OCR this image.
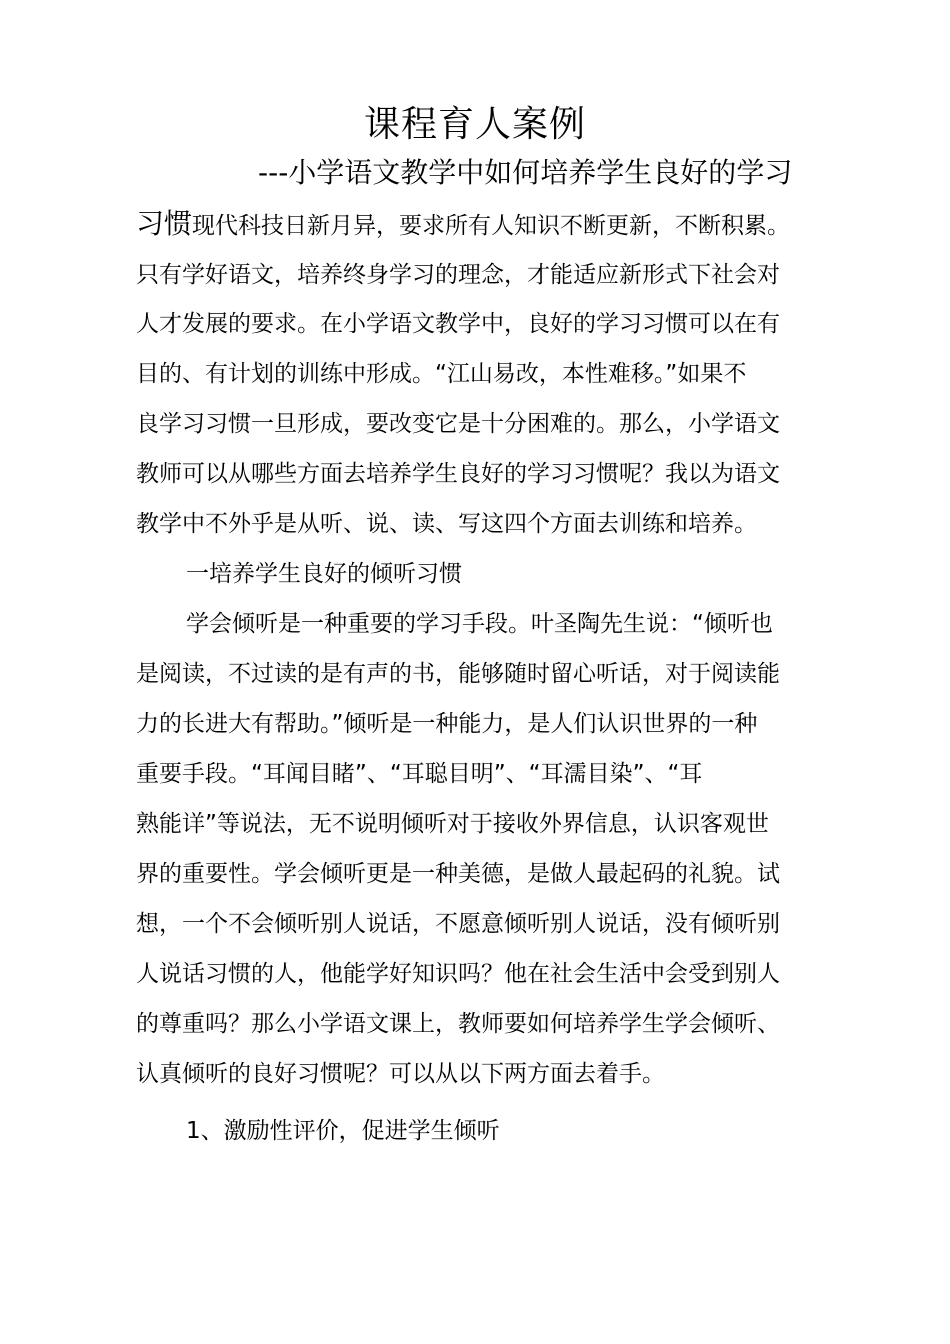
课程育人案例
---小学语文教学中如何培养学生良好的学习
习惯现代科技日新月异，要求所有人知识不断更新，不断积累。
只有学好语文，培养终身学习的理念，才能适应新形式下社会对
人才发展的要求。在小学语文教学中，良好的学习习惯可以在有
目的、有计划的训练中形成。“江山易改，本性难移。”如果不
良学习习惯一旦形成，要改变它是十分困难的。那么，小学语文
教师可以从哪些方面去培养学生良好的学习习惯呢？我以为语文
教学中不外乎是从听、说、读、写这四个方面去训练和培养。
一培养学生良好的倾听习惯
学会倾听是一种重要的学习手段。叶圣陶先生说：“倾听也
是阅读，不过读的是有声的书，能够随时留心听话，对于阅读能
力的长进大有帮助。”倾听是一种能力，是人们认识世界的一种
重要手段。“耳闻目睹”、“耳聪目明”、“耳濡目染”、“耳
熟能详”等说法，无不说明倾听对于接收外界信息，认识客观世
界的重要性。学会倾听更是一种美德，是做人最起码的礼貌。试
想，一个不会倾听别人说话，不愿意倾听别人说话，没有倾听别
人说话习惯的人，他能学好知识吗？他在社会生活中会受到别人
的尊重吗？那么小学语文课上，教师要如何培养学生学会倾听、
认真倾听的良好习惯呢？可以从以下两方面去着手。
1、激励性评价，促进学生倾听
